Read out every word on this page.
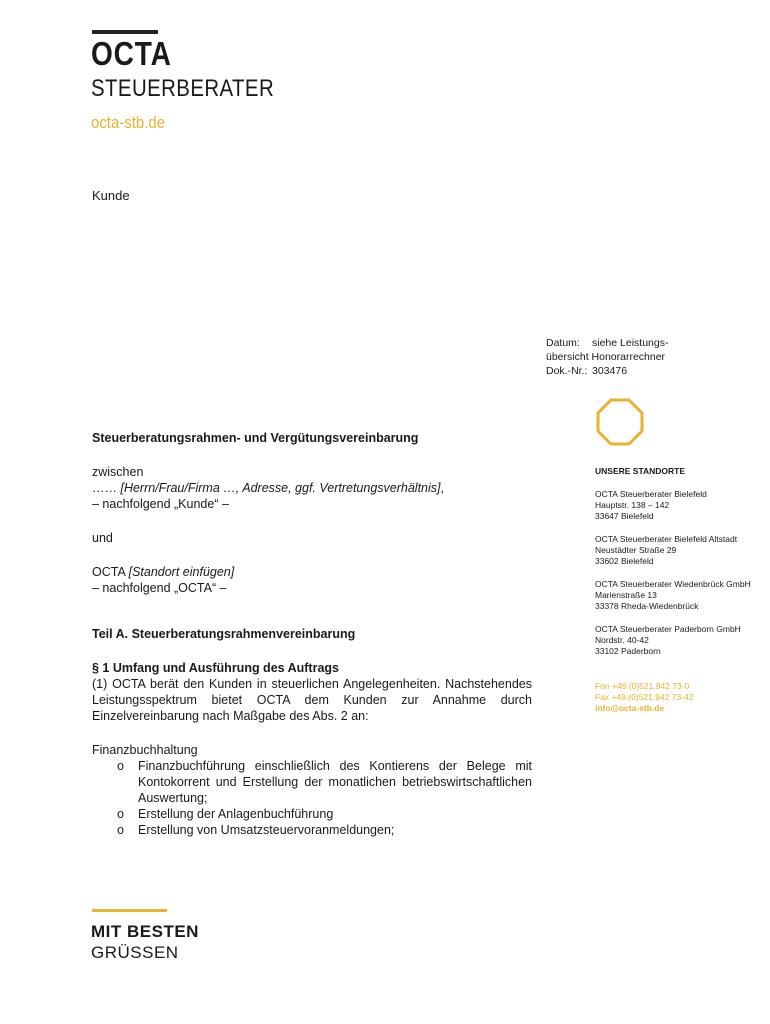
OCTA
STEUERBERATER
octa-stb.de
Kunde
Datum:	siehe Leistungs-
übersicht Honorarrechner
Dok.-Nr.: 303476
UNSERE STANDORTE
OCTA Steuerberater Bielefeld
Hauptstr. 138 – 142
33647 Bielefeld
OCTA Steuerberater Bielefeld Altstadt
Neustädter Straße 29
33602 Bielefeld
OCTA Steuerberater Wiedenbrück GmbH
Marienstraße 13
33378 Rheda-Wiedenbrück
OCTA Steuerberater Paderborn GmbH
Nordstr. 40-42
33102 Paderborn
Fon +49.(0)521.942 73-0
Fax +49.(0)521.942 73-42
info@octa-stb.de
Steuerberatungsrahmen- und Vergütungsvereinbarung
zwischen
…… [Herrn/Frau/Firma …, Adresse, ggf. Vertretungsverhältnis],
– nachfolgend „Kunde“ –
und
OCTA [Standort einfügen]
– nachfolgend „OCTA“ –
Teil A. Steuerberatungsrahmenvereinbarung
§ 1 Umfang und Ausführung des Auftrags
(1) OCTA berät den Kunden in steuerlichen Angelegenheiten. Nachstehendes Leistungsspektrum bietet OCTA dem Kunden zur Annahme durch Einzelvereinbarung nach Maßgabe des Abs. 2 an:
Finanzbuchhaltung
o Finanzbuchführung einschließlich des Kontierens der Belege mit Kontokorrent und Erstellung der monatlichen betriebswirtschaftlichen Auswertung;
o Erstellung der Anlagenbuchführung
o Erstellung von Umsatzsteuervoranmeldungen;
MIT BESTEN
GRÜSSEN
